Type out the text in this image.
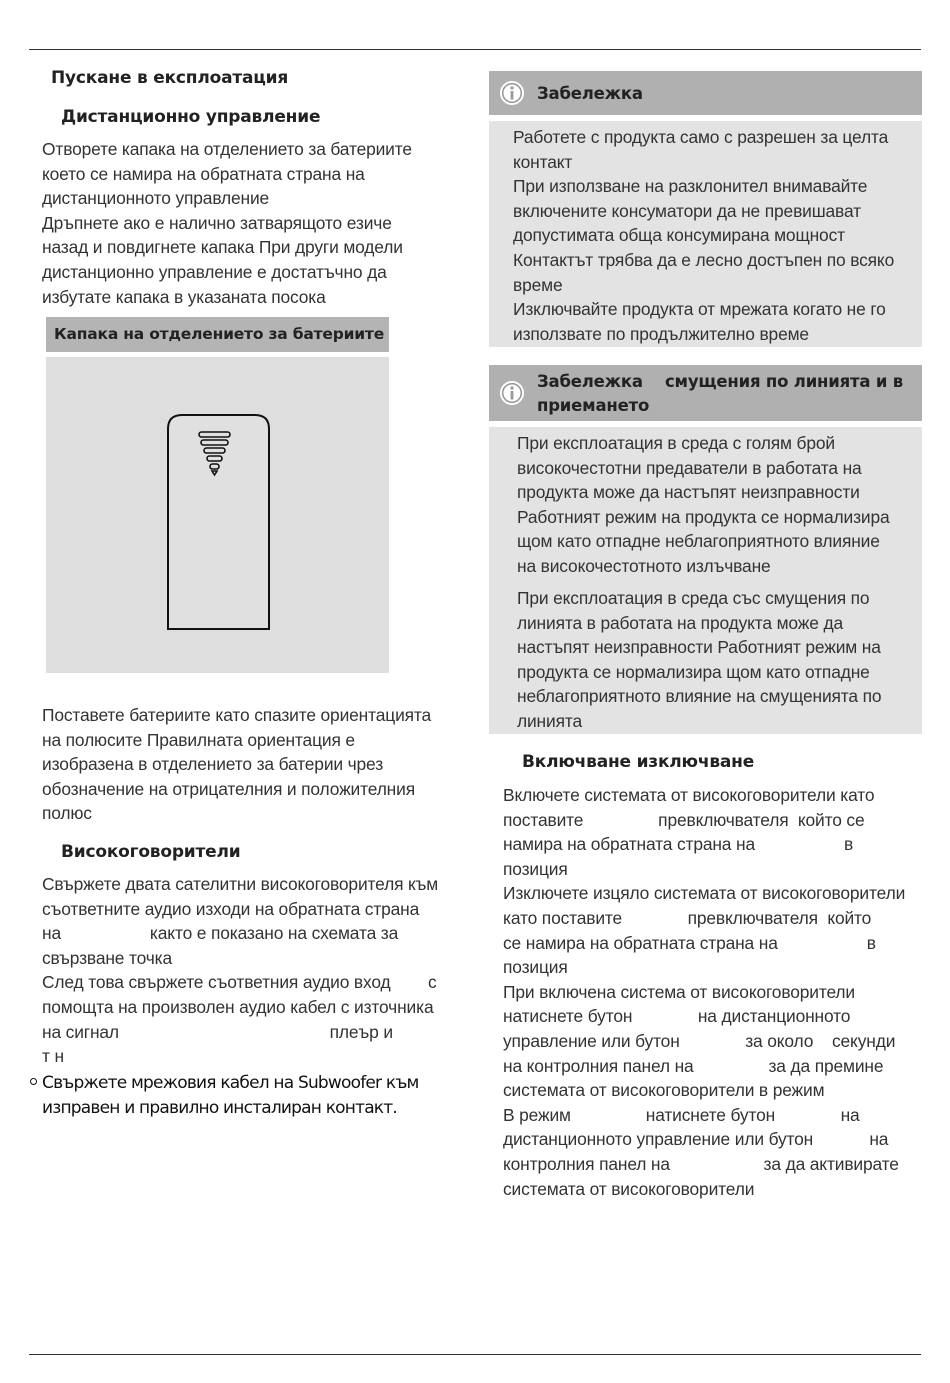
Пускане в експлоатация
Дистанционно управление
Отворете капака на отделението за батериите
което се намира на обратната страна на
дистанционното управление
Дръпнете ако е налично затварящото езиче
назад и повдигнете капака При други модели
дистанционно управление е достатъчно да
избутате капака в указаната посока
Капака на отделението за батериите
Поставете батериите като спазите ориентацията
на полюсите Правилната ориентация е
изобразена в отделението за батерии чрез
обозначение на отрицателния и положителния
полюс
Високоговорители
Свържете двата сателитни високоговорителя към
съответните аудио изходи на обратната страна
на                   както е показано на схемата за
свързване точка
След това свържете съответния аудио вход        с
помощта на произволен аудио кабел с източника
на сигнал                                             плеър и
т н
Свържете мрежовия кабел на Subwoofer към
изправен и правилно инсталиран контакт.
Забележка
Работете с продукта само с разрешен за целта
контакт
При използване на разклонител внимавайте
включените консуматори да не превишават
допустимата обща консумирана мощност
Контактът трябва да е лесно достъпен по всяко
време
Изключвайте продукта от мрежата когато не го
използвате по продължително време
Забележка    смущения по линията и в
приемането
При експлоатация в среда с голям брой
високочестотни предаватели в работата на
продукта може да настъпят неизправности
Работният режим на продукта се нормализира
щом като отпадне неблагоприятното влияние
на високочестотното излъчване
При експлоатация в среда със смущения по
линията в работата на продукта може да
настъпят неизправности Работният режим на
продукта се нормализира щом като отпадне
неблагоприятното влияние на смущенията по
линията
Включване изключване
Включете системата от високоговорители като
поставите                превключвателя  който се
намира на обратната страна на                   в
позиция
Изключете изцяло системата от високоговорители
като поставите              превключвателя  който
се намира на обратната страна на                   в
позиция
При включена система от високоговорители
натиснете бутон              на дистанционното
управление или бутон              за около    секунди
на контролния панел на                за да премине
системата от високоговорители в режим
В режим                натиснете бутон              на
дистанционното управление или бутон            на
контролния панел на                    за да активирате
системата от високоговорители
